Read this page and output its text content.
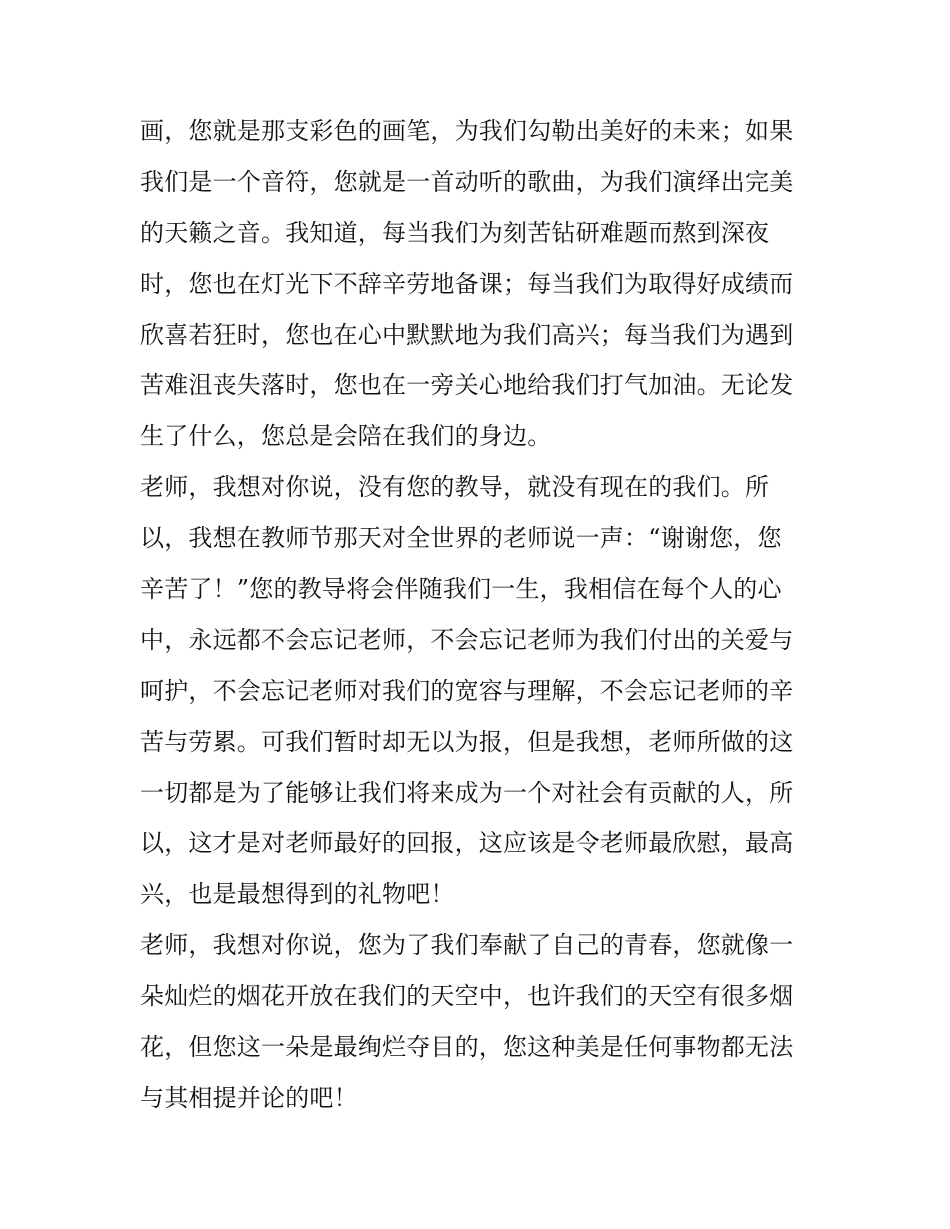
画，您就是那支彩色的画笔，为我们勾勒出美好的未来；如果
我们是一个音符，您就是一首动听的歌曲，为我们演绎出完美
的天籁之音。我知道，每当我们为刻苦钻研难题而熬到深夜
时，您也在灯光下不辞辛劳地备课；每当我们为取得好成绩而
欣喜若狂时，您也在心中默默地为我们高兴；每当我们为遇到
苦难沮丧失落时，您也在一旁关心地给我们打气加油。无论发
生了什么，您总是会陪在我们的身边。
老师，我想对你说，没有您的教导，就没有现在的我们。所
以，我想在教师节那天对全世界的老师说一声：“谢谢您，您
辛苦了！”您的教导将会伴随我们一生，我相信在每个人的心
中，永远都不会忘记老师，不会忘记老师为我们付出的关爱与
呵护，不会忘记老师对我们的宽容与理解，不会忘记老师的辛
苦与劳累。可我们暂时却无以为报，但是我想，老师所做的这
一切都是为了能够让我们将来成为一个对社会有贡献的人，所
以，这才是对老师最好的回报，这应该是令老师最欣慰，最高
兴，也是最想得到的礼物吧！
老师，我想对你说，您为了我们奉献了自己的青春，您就像一
朵灿烂的烟花开放在我们的天空中，也许我们的天空有很多烟
花，但您这一朵是最绚烂夺目的，您这种美是任何事物都无法
与其相提并论的吧！
